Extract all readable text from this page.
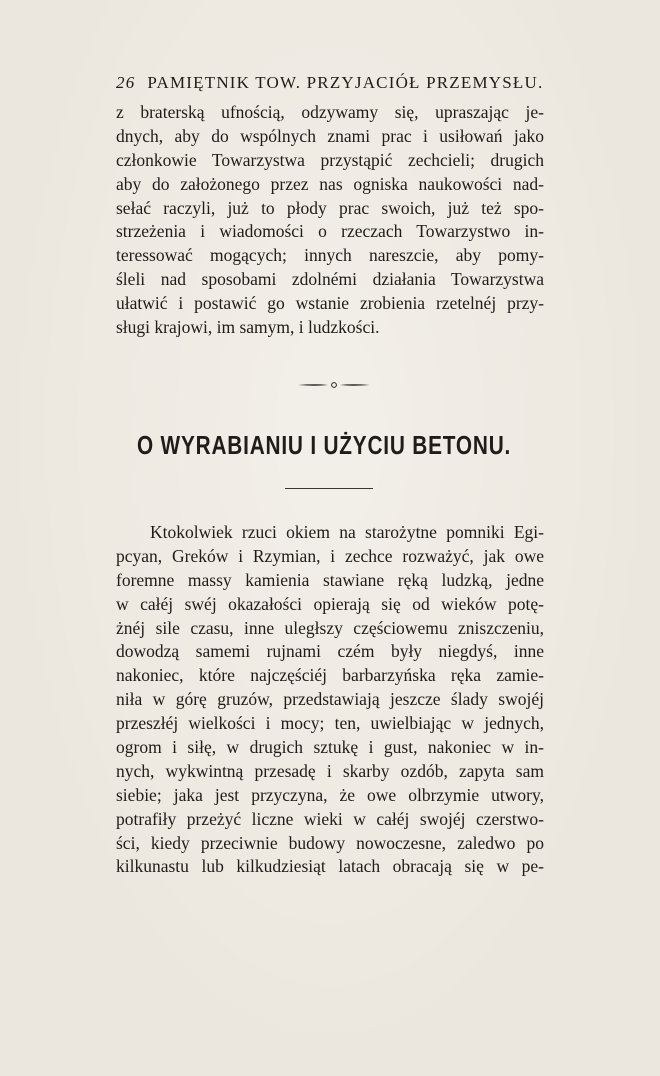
26 PAMIĘTNIK TOW. PRZYJACIÓŁ PRZEMYSŁU.
z braterską ufnością, odzywamy się, upraszając je-
dnych, aby do wspólnych znami prac i usiłowań jako
członkowie Towarzystwa przystąpić zechcieli; drugich
aby do założonego przez nas ogniska naukowości nad-
sełać raczyli, już to płody prac swoich, już też spo-
strzeżenia i wiadomości o rzeczach Towarzystwo in-
teressować mogących; innych nareszcie, aby pomy-
śleli nad sposobami zdolnémi działania Towarzystwa
ułatwić i postawić go wstanie zrobienia rzetelnéj przy-
sługi krajowi, im samym, i ludzkości.
O WYRABIANIU I UŻYCIU BETONU.
Ktokolwiek rzuci okiem na starożytne pomniki Egi-
pcyan, Greków i Rzymian, i zechce rozważyć, jak owe
foremne massy kamienia stawiane ręką ludzką, jedne
w całéj swéj okazałości opierają się od wieków potę-
żnéj sile czasu, inne uległszy częściowemu zniszczeniu,
dowodzą samemi rujnami czém były niegdyś, inne
nakoniec, które najczęściéj barbarzyńska ręka zamie-
niła w górę gruzów, przedstawiają jeszcze ślady swojéj
przeszłéj wielkości i mocy; ten, uwielbiając w jednych,
ogrom i siłę, w drugich sztukę i gust, nakoniec w in-
nych, wykwintną przesadę i skarby ozdób, zapyta sam
siebie; jaka jest przyczyna, że owe olbrzymie utwory,
potrafiły przeżyć liczne wieki w całéj swojéj czerstwo-
ści, kiedy przeciwnie budowy nowoczesne, zaledwo po
kilkunastu lub kilkudziesiąt latach obracają się w pe-
